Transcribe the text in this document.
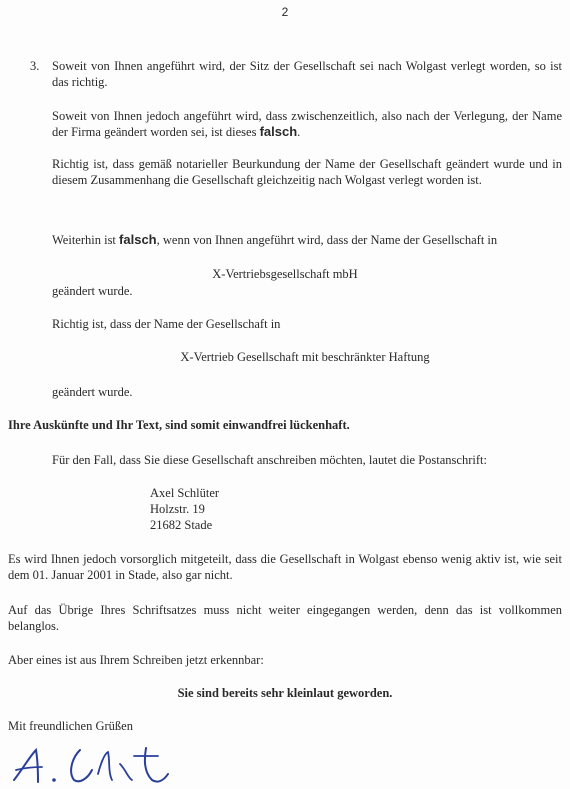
2
3. Soweit von Ihnen angeführt wird, der Sitz der Gesellschaft sei nach Wolgast verlegt worden, so ist das richtig.
Soweit von Ihnen jedoch angeführt wird, dass zwischenzeitlich, also nach der Verlegung, der Name der Firma geändert worden sei, ist dieses falsch.
Richtig ist, dass gemäß notarieller Beurkundung der Name der Gesellschaft geändert wurde und in diesem Zusammenhang die Gesellschaft gleichzeitig nach Wolgast verlegt worden ist.
Weiterhin ist falsch, wenn von Ihnen angeführt wird, dass der Name der Gesellschaft in
X-Vertriebsgesellschaft mbH
geändert wurde.
Richtig ist, dass der Name der Gesellschaft in
X-Vertrieb Gesellschaft mit beschränkter Haftung
geändert wurde.
Ihre Auskünfte und Ihr Text, sind somit einwandfrei lückenhaft.
Für den Fall, dass Sie diese Gesellschaft anschreiben möchten, lautet die Postanschrift:
Axel Schlüter
Holzstr. 19
21682 Stade
Es wird Ihnen jedoch vorsorglich mitgeteilt, dass die Gesellschaft in Wolgast ebenso wenig aktiv ist, wie seit dem 01. Januar 2001 in Stade, also gar nicht.
Auf das Übrige Ihres Schriftsatzes muss nicht weiter eingegangen werden, denn das ist vollkommen belanglos.
Aber eines ist aus Ihrem Schreiben jetzt erkennbar:
Sie sind bereits sehr kleinlaut geworden.
Mit freundlichen Grüßen
